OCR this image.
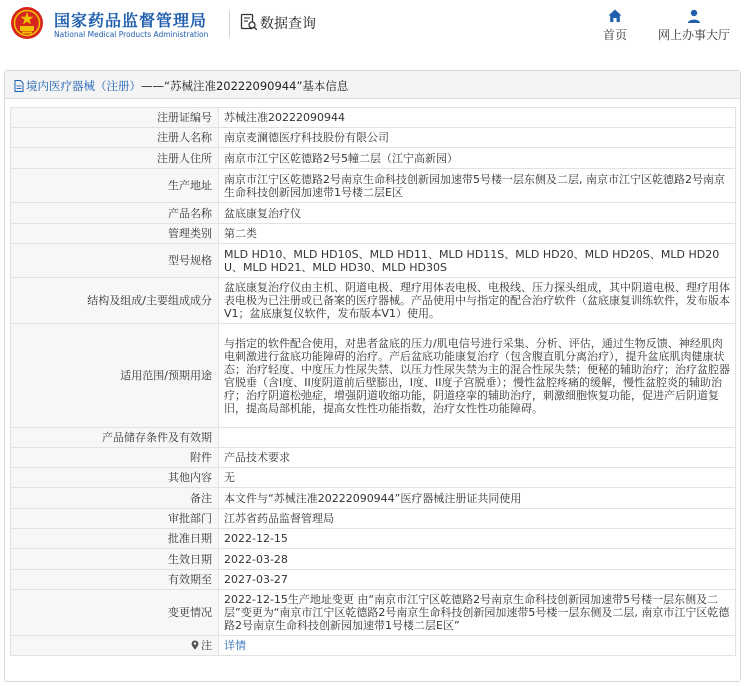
国家药品监督管理局
National Medical Products Administration
数据查询
首页	网上办事大厅
境内医疗器械（注册）——“苏械注准20222090944”基本信息
注册证编号	苏械注准20222090944
注册人名称	南京麦澜德医疗科技股份有限公司
注册人住所	南京市江宁区乾德路2号5幢二层（江宁高新园）
生产地址	南京市江宁区乾德路2号南京生命科技创新园加速带5号楼一层东侧及二层, 南京市江宁区乾德路2号南京生命科技创新园加速带1号楼二层E区
产品名称	盆底康复治疗仪
管理类别	第二类
型号规格	MLD HD10、MLD HD10S、MLD HD11、MLD HD11S、MLD HD20、MLD HD20S、MLD HD20U、MLD HD21、MLD HD30、MLD HD30S
结构及组成/主要组成成分	盆底康复治疗仪由主机、阴道电极、理疗用体表电极、电极线、压力探头组成，其中阴道电极、理疗用体表电极为已注册或已备案的医疗器械。产品使用中与指定的配合治疗软件（盆底康复训练软件，发布版本V1；盆底康复仪软件，发布版本V1）使用。
适用范围/预期用途	与指定的软件配合使用，对患者盆底的压力/肌电信号进行采集、分析、评估，通过生物反馈、神经肌肉电刺激进行盆底功能障碍的治疗。产后盆底功能康复治疗（包含腹直肌分离治疗），提升盆底肌肉健康状态；治疗轻度、中度压力性尿失禁、以压力性尿失禁为主的混合性尿失禁；便秘的辅助治疗；治疗盆腔器官脱垂（含I度、II度阴道前后壁膨出，I度、II度子宫脱垂）；慢性盆腔疼痛的缓解，慢性盆腔炎的辅助治疗；治疗阴道松弛症，增强阴道收缩功能，阴道痉挛的辅助治疗，刺激细胞恢复功能，促进产后阴道复旧，提高局部机能，提高女性性功能指数，治疗女性性功能障碍。
产品储存条件及有效期	
附件	产品技术要求
其他内容	无
备注	本文件与“苏械注准20222090944”医疗器械注册证共同使用
审批部门	江苏省药品监督管理局
批准日期	2022-12-15
生效日期	2022-03-28
有效期至	2027-03-27
变更情况	2022-12-15生产地址变更 由“南京市江宁区乾德路2号南京生命科技创新园加速带5号楼一层东侧及二层”变更为“南京市江宁区乾德路2号南京生命科技创新园加速带5号楼一层东侧及二层, 南京市江宁区乾德路2号南京生命科技创新园加速带1号楼二层E区”
注	详情
